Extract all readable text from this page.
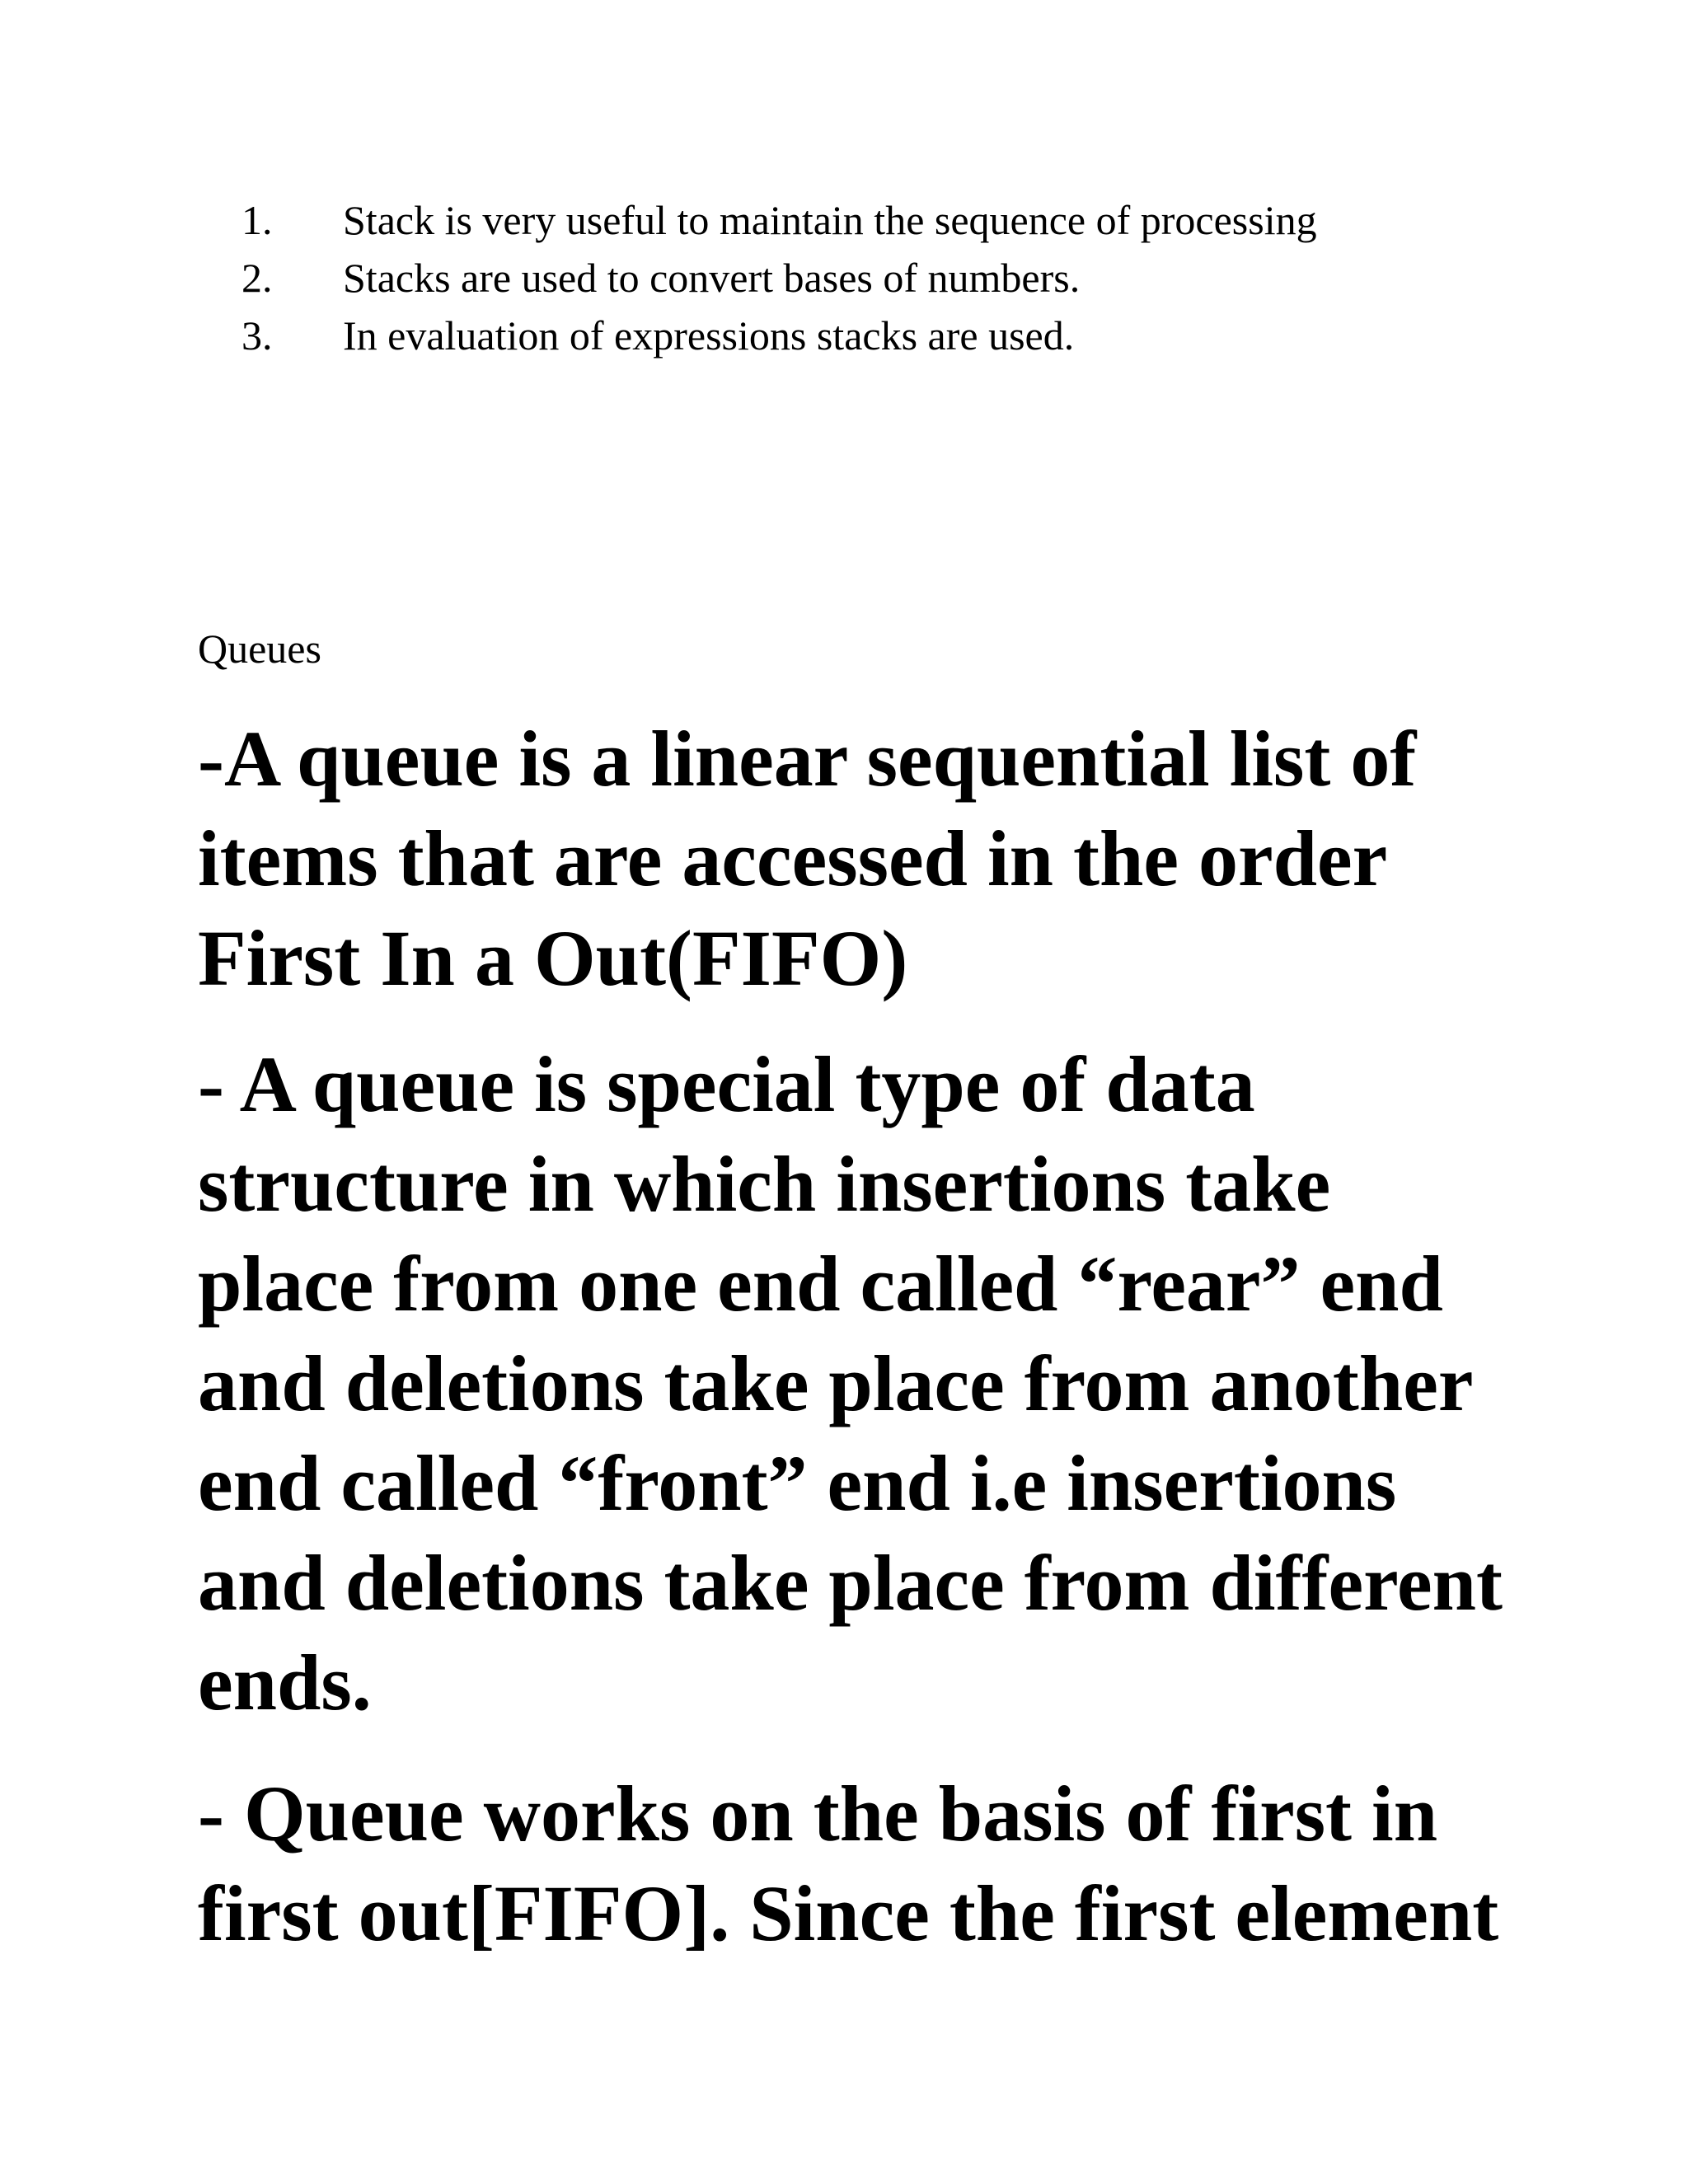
1.	Stack is very useful to maintain the sequence of processing
2.	Stacks are used to convert bases of numbers.
3.	In evaluation of expressions stacks are used.
Queues

-A queue is a linear sequential list of

items that are accessed in the order

First In a Out(FIFO)

- A queue is special type of data

structure in which insertions take

place from one end called “rear” end

and deletions take place from another

end called “front” end i.e insertions

and deletions take place from different

ends.

- Queue works on the basis of first in

first out[FIFO]. Since the first element
